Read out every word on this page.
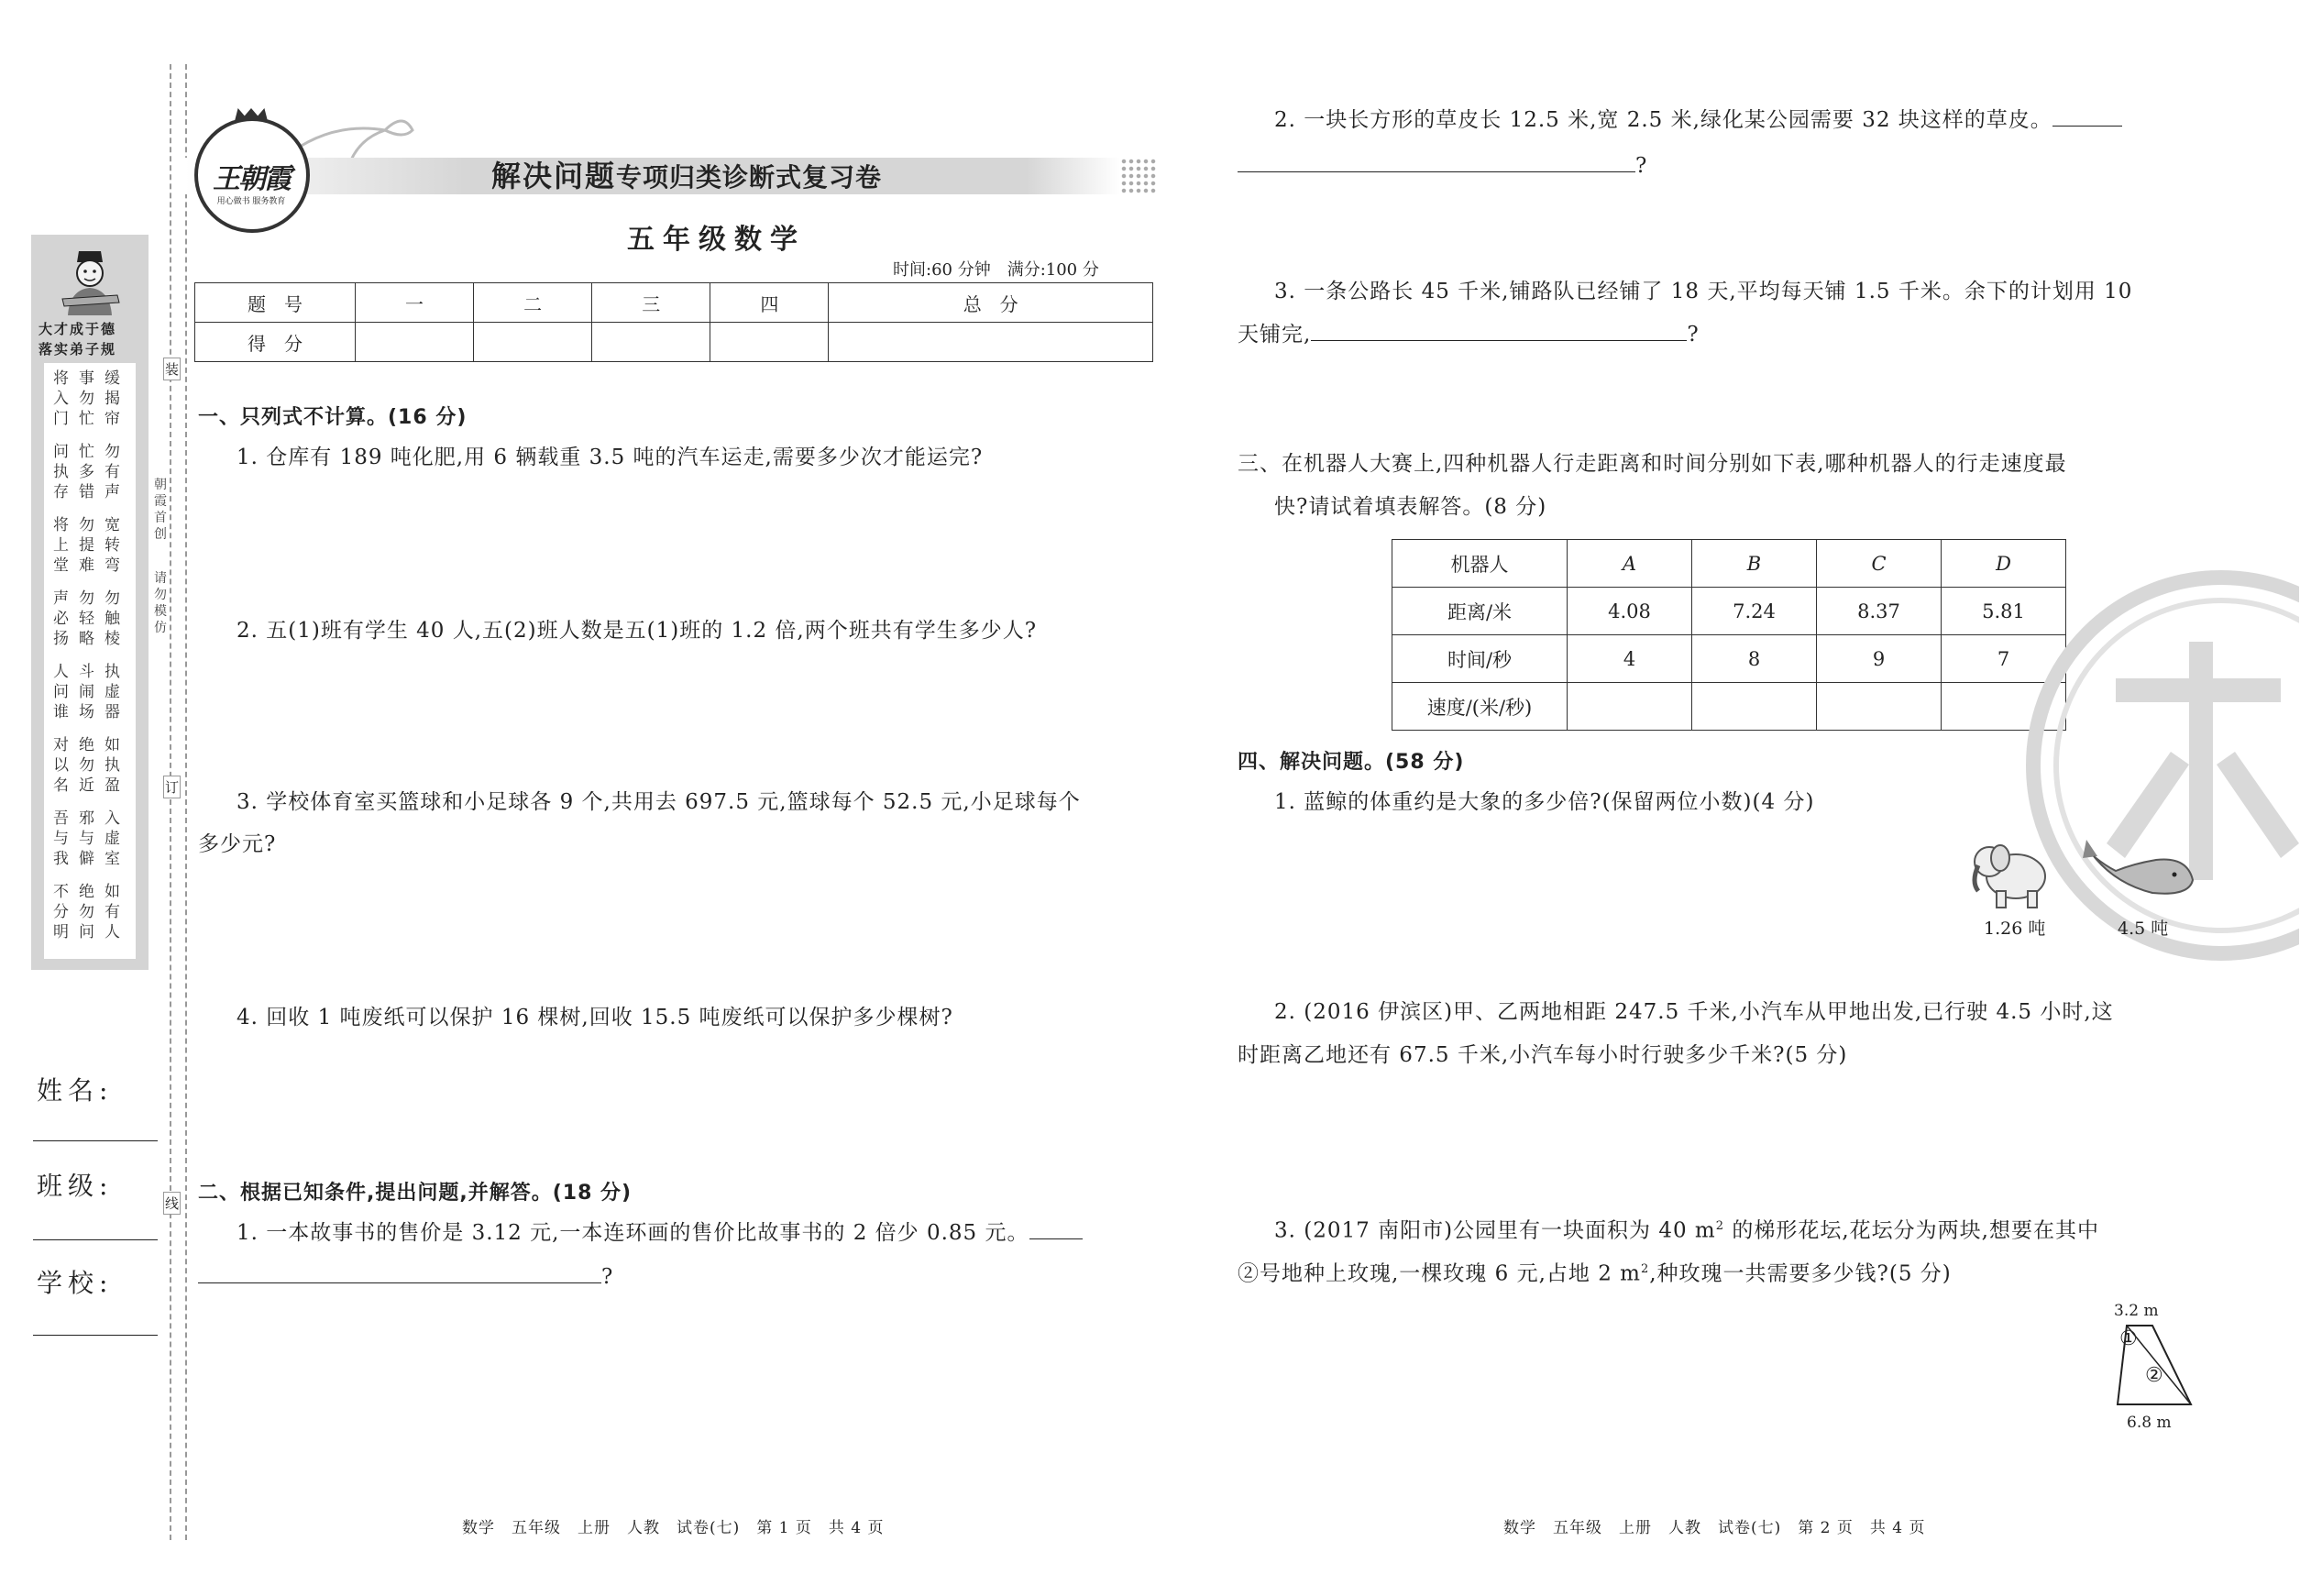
装
订
线
朝霞首创
请勿模仿
大才成于德
落实弟子规
缓揭帘
事勿忙
将入门
勿有声
忙多错
问执存
宽转弯
勿提难
将上堂
勿触棱
勿轻略
声必扬
执虚器
斗闹场
人问谁
如执盈
绝勿近
对以名
入虚室
邪与僻
吾与我
如有人
绝勿问
不分明
姓名:
班级:
学校:
王朝霞
用心做书 服务教育
解决问题专项归类诊断式复习卷
五年级数学
时间:60 分钟　满分:100 分
题　号	一	二	三	四	总　分
得　分					
一、只列式不计算。(16 分)
1. 仓库有 189 吨化肥,用 6 辆载重 3.5 吨的汽车运走,需要多少次才能运完?
2. 五(1)班有学生 40 人,五(2)班人数是五(1)班的 1.2 倍,两个班共有学生多少人?
3. 学校体育室买篮球和小足球各 9 个,共用去 697.5 元,篮球每个 52.5 元,小足球每个
多少元?
4. 回收 1 吨废纸可以保护 16 棵树,回收 15.5 吨废纸可以保护多少棵树?
二、根据已知条件,提出问题,并解答。(18 分)
1. 一本故事书的售价是 3.12 元,一本连环画的售价比故事书的 2 倍少 0.85 元。
?
2. 一块长方形的草皮长 12.5 米,宽 2.5 米,绿化某公园需要 32 块这样的草皮。
?
3. 一条公路长 45 千米,铺路队已经铺了 18 天,平均每天铺 1.5 千米。余下的计划用 10
天铺完,	?
三、在机器人大赛上,四种机器人行走距离和时间分别如下表,哪种机器人的行走速度最
快?请试着填表解答。(8 分)
机器人	A	B	C	D
距离/米	4.08	7.24	8.37	5.81
时间/秒	4	8	9	7
速度/(米/秒)				
四、解决问题。(58 分)
1. 蓝鲸的体重约是大象的多少倍?(保留两位小数)(4 分)
1.26 吨	4.5 吨
2. (2016 伊滨区)甲、乙两地相距 247.5 千米,小汽车从甲地出发,已行驶 4.5 小时,这
时距离乙地还有 67.5 千米,小汽车每小时行驶多少千米?(5 分)
3. (2017 南阳市)公园里有一块面积为 40 $m^2$ 的梯形花坛,花坛分为两块,想要在其中
②号地种上玫瑰,一棵玫瑰 6 元,占地 2 $m^2$,种玫瑰一共需要多少钱?(5 分)
3.2 m
①
②
6.8 m
数学　五年级　上册　人教　试卷(七)　第 1 页　共 4 页	数学　五年级　上册　人教　试卷(七)　第 2 页　共 4 页
